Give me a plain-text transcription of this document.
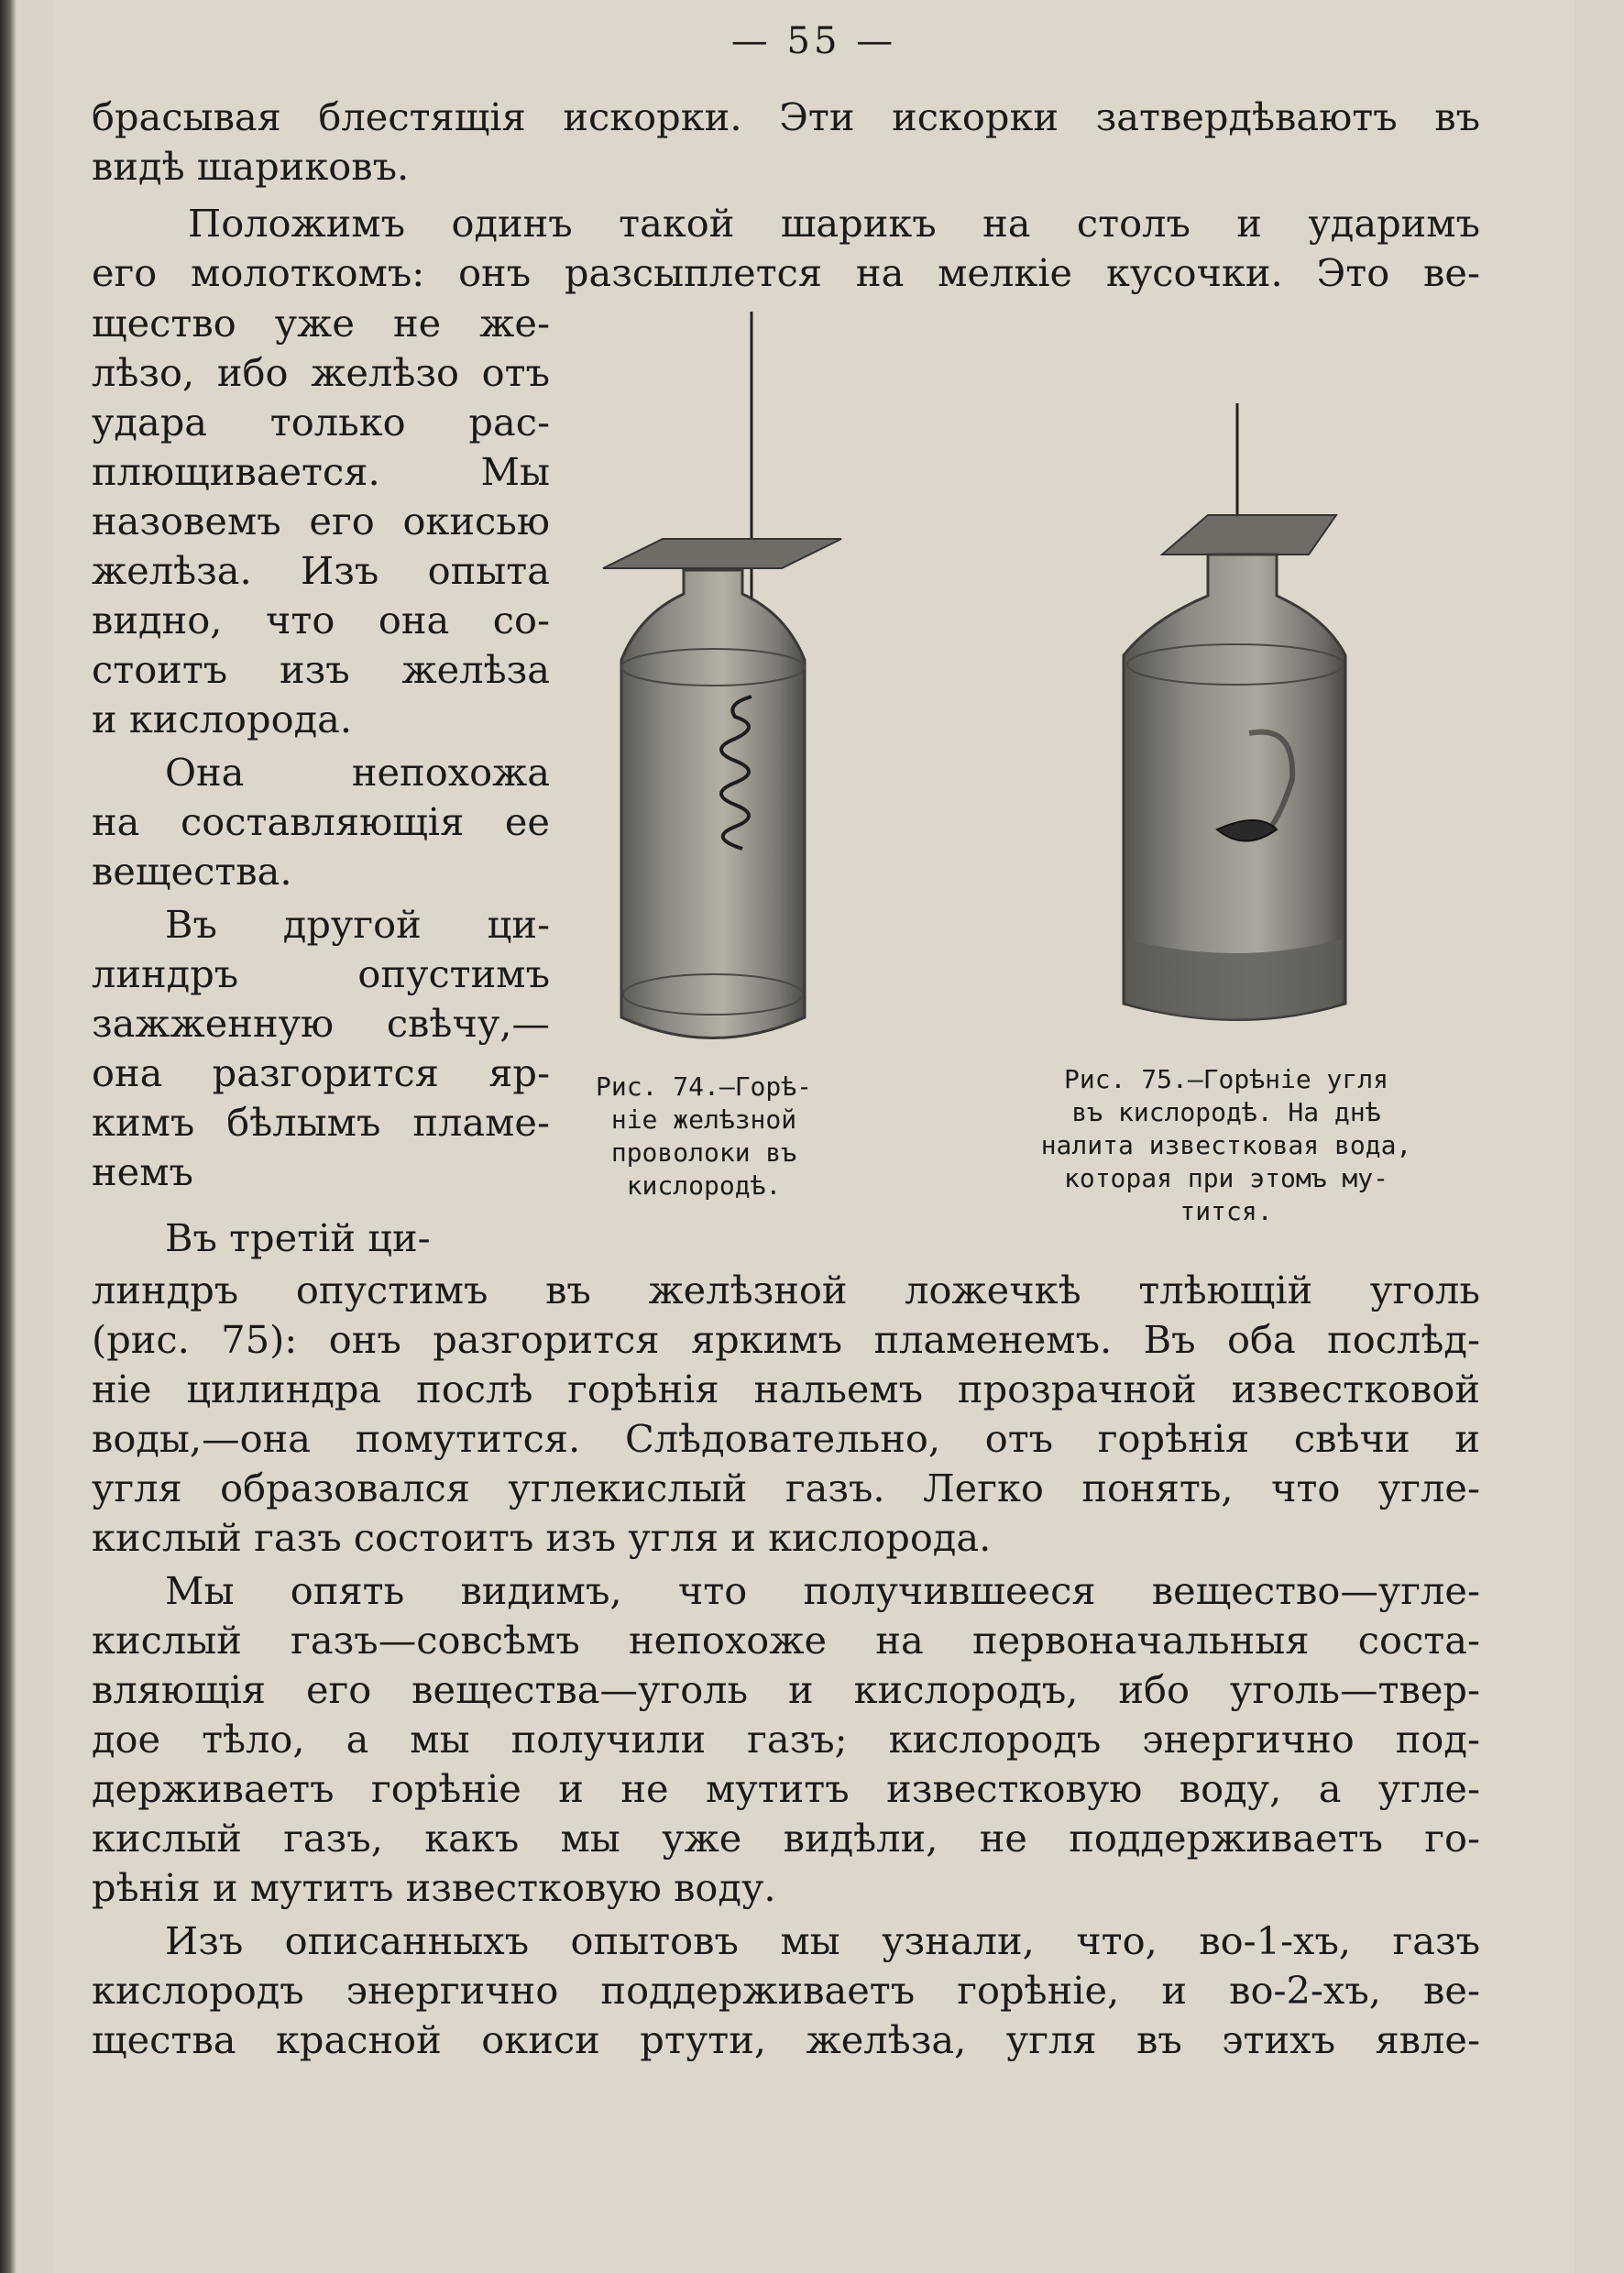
— 55 —
брасывая блестящія искорки. Эти искорки затвердѣваютъ въ
видѣ шариковъ.
Положимъ одинъ такой шарикъ на столъ и ударимъ
его молоткомъ: онъ разсыплется на мелкіе кусочки. Это ве-
щество уже не же-
лѣзо, ибо желѣзо отъ
удара только рас-
плющивается. Мы
назовемъ его окисью
желѣза. Изъ опыта
видно, что она со-
стоитъ изъ желѣза
и кислорода.
Она непохожа
на составляющія ее
вещества.
Въ другой ци-
линдръ опустимъ
зажженную свѣчу,—
она разгорится яр-
кимъ бѣлымъ пламе-
немъ
Въ третій ци-
Рис. 74.—Горѣ-
ніе желѣзной
проволоки въ
кислородѣ.
Рис. 75.—Горѣніе угля
въ кислородѣ. На днѣ
налита известковая вода,
которая при этомъ му-
тится.
линдръ опустимъ въ желѣзной ложечкѣ тлѣющій уголь
(рис. 75): онъ разгорится яркимъ пламенемъ. Въ оба послѣд-
ніе цилиндра послѣ горѣнія нальемъ прозрачной известковой
воды,—она помутится. Слѣдовательно, отъ горѣнія свѣчи и
угля образовался углекислый газъ. Легко понять, что угле-
кислый газъ состоитъ изъ угля и кислорода.
Мы опять видимъ, что получившееся вещество—угле-
кислый газъ—совсѣмъ непохоже на первоначальныя соста-
вляющія его вещества—уголь и кислородъ, ибо уголь—твер-
дое тѣло, а мы получили газъ; кислородъ энергично под-
держиваетъ горѣніе и не мутитъ известковую воду, а угле-
кислый газъ, какъ мы уже видѣли, не поддерживаетъ го-
рѣнія и мутитъ известковую воду.
Изъ описанныхъ опытовъ мы узнали, что, во-1-хъ, газъ
кислородъ энергично поддерживаетъ горѣніе, и во-2-хъ, ве-
щества красной окиси ртути, желѣза, угля въ этихъ явле-
